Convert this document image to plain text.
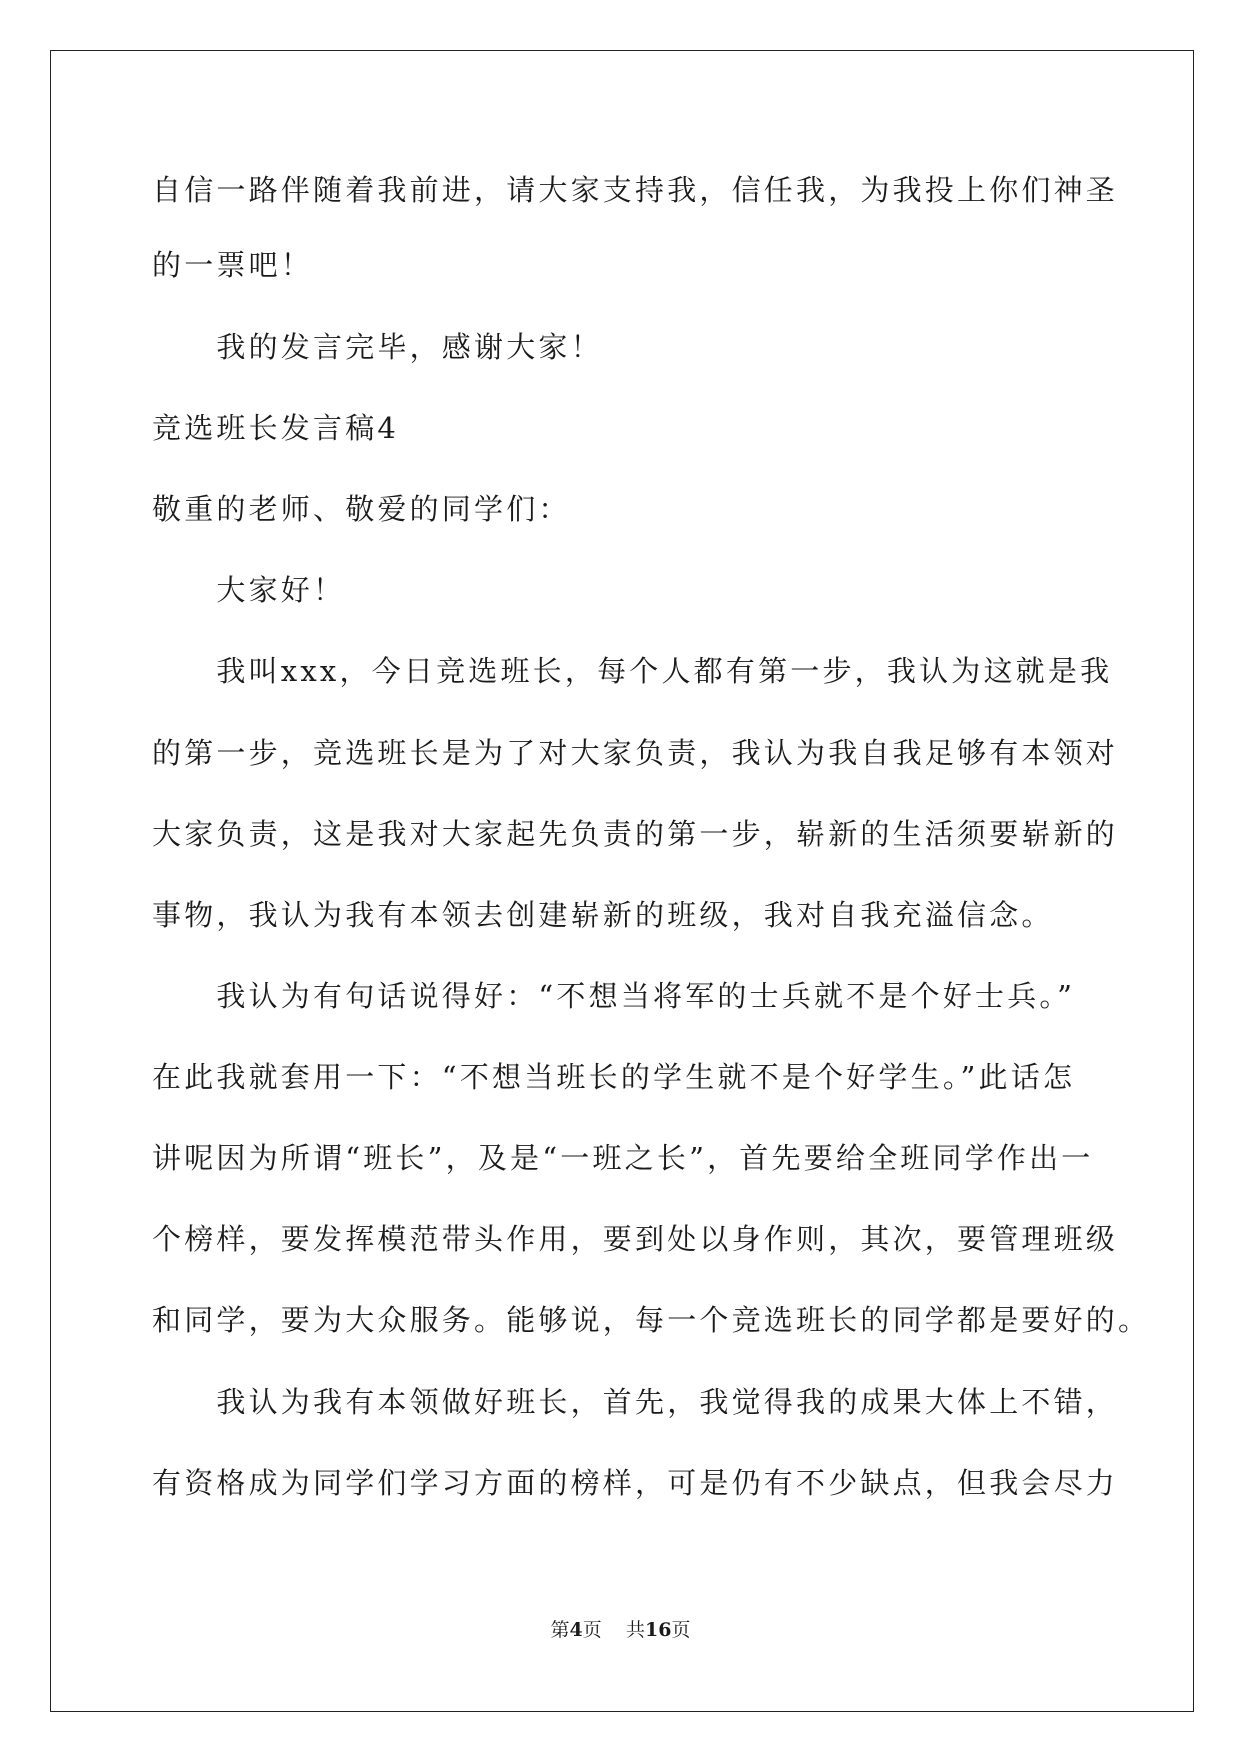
自信一路伴随着我前进，请大家支持我，信任我，为我投上你们神圣
的一票吧！
　　我的发言完毕，感谢大家！
竞选班长发言稿4
敬重的老师、敬爱的同学们：
　　大家好！
　　我叫xxx，今日竞选班长，每个人都有第一步，我认为这就是我
的第一步，竞选班长是为了对大家负责，我认为我自我足够有本领对
大家负责，这是我对大家起先负责的第一步，崭新的生活须要崭新的
事物，我认为我有本领去创建崭新的班级，我对自我充溢信念。
　　我认为有句话说得好：“不想当将军的士兵就不是个好士兵。”
在此我就套用一下：“不想当班长的学生就不是个好学生。”此话怎
讲呢因为所谓“班长”，及是“一班之长”，首先要给全班同学作出一
个榜样，要发挥模范带头作用，要到处以身作则，其次，要管理班级
和同学，要为大众服务。能够说，每一个竞选班长的同学都是要好的。
　　我认为我有本领做好班长，首先，我觉得我的成果大体上不错，
有资格成为同学们学习方面的榜样，可是仍有不少缺点，但我会尽力
第4页 共16页
